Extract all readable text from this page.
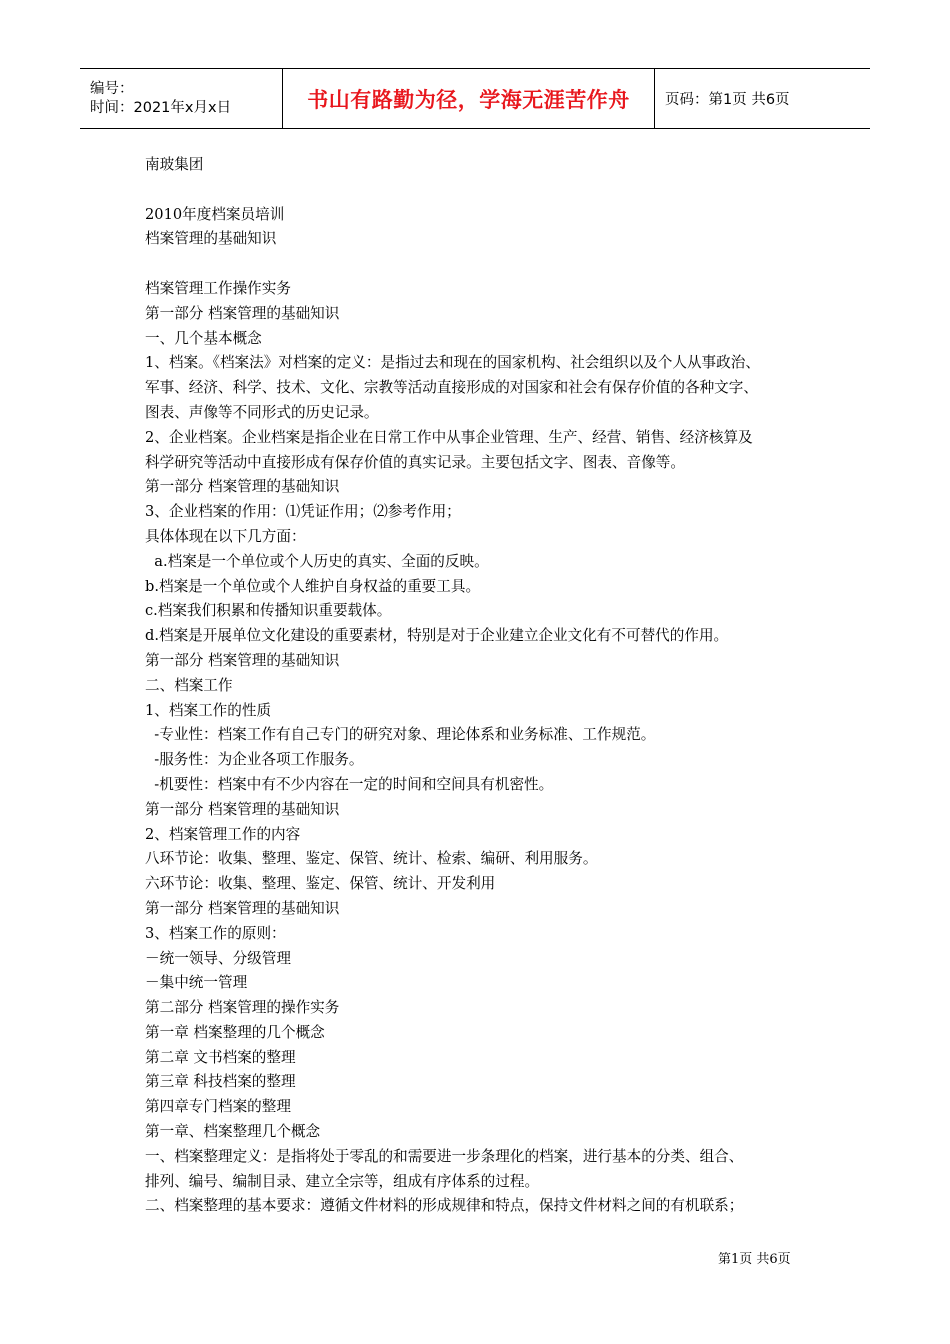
编号：
时间：2021年x月x日	书山有路勤为径，学海无涯苦作舟 页码：第1页 共6页

南玻集团

2010年度档案员培训

档案管理的基础知识

档案管理工作操作实务

第一部分 档案管理的基础知识

一、几个基本概念

1、档案。《档案法》对档案的定义：是指过去和现在的国家机构、社会组织以及个人从事政治、

军事、经济、科学、技术、文化、宗教等活动直接形成的对国家和社会有保存价值的各种文字、

图表、声像等不同形式的历史记录。

2、企业档案。企业档案是指企业在日常工作中从事企业管理、生产、经营、销售、经济核算及

科学研究等活动中直接形成有保存价值的真实记录。主要包括文字、图表、音像等。

第一部分 档案管理的基础知识

3、企业档案的作用：⑴凭证作用；⑵参考作用；

具体体现在以下几方面：

a.档案是一个单位或个人历史的真实、全面的反映。

b.档案是一个单位或个人维护自身权益的重要工具。

c.档案我们积累和传播知识重要载体。

d.档案是开展单位文化建设的重要素材，特别是对于企业建立企业文化有不可替代的作用。

第一部分 档案管理的基础知识

二、档案工作

1、档案工作的性质

-专业性：档案工作有自己专门的研究对象、理论体系和业务标准、工作规范。

-服务性：为企业各项工作服务。

-机要性：档案中有不少内容在一定的时间和空间具有机密性。

第一部分 档案管理的基础知识

2、档案管理工作的内容

八环节论：收集、整理、鉴定、保管、统计、检索、编研、利用服务。

六环节论：收集、整理、鉴定、保管、统计、开发利用

第一部分 档案管理的基础知识

3、档案工作的原则：

－统一领导、分级管理

－集中统一管理

第二部分 档案管理的操作实务

第一章 档案整理的几个概念

第二章 文书档案的整理

第三章 科技档案的整理

第四章专门档案的整理

第一章、档案整理几个概念

一、档案整理定义：是指将处于零乱的和需要进一步条理化的档案，进行基本的分类、组合、

排列、编号、编制目录、建立全宗等，组成有序体系的过程。

二、档案整理的基本要求：遵循文件材料的形成规律和特点，保持文件材料之间的有机联系；

第1页 共6页
